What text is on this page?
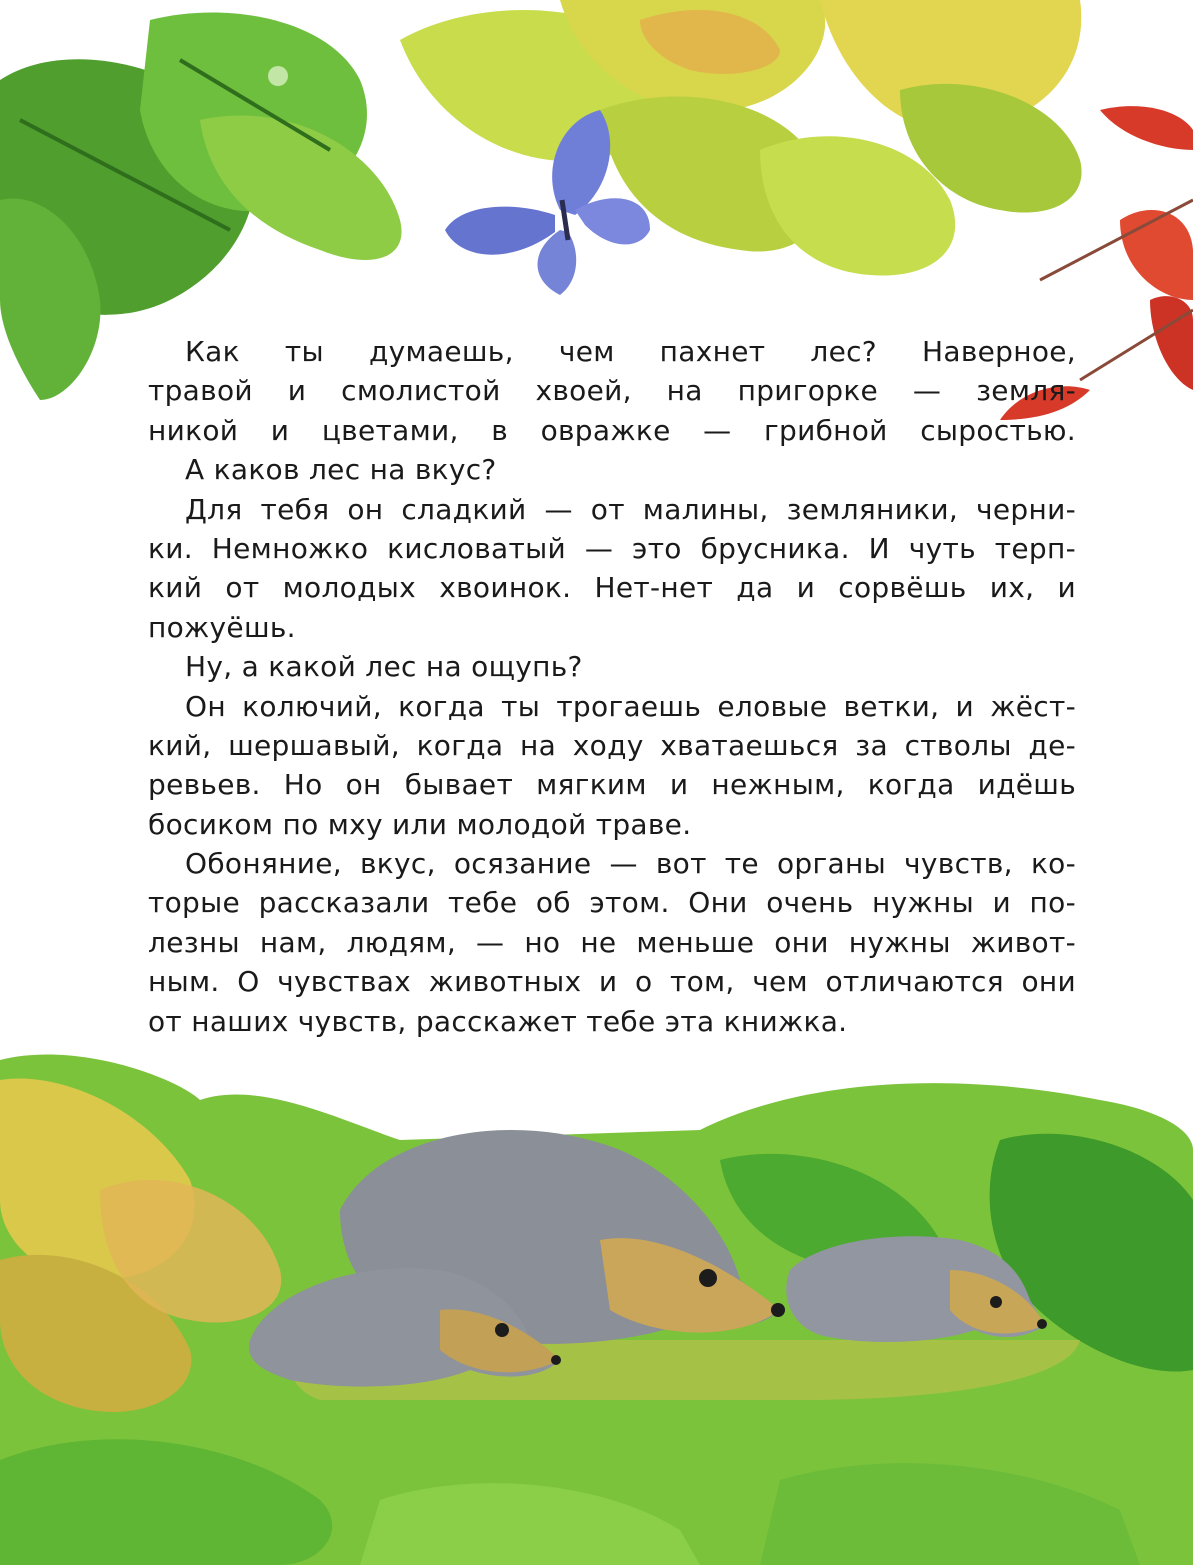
Как ты думаешь, чем пахнет лес? Наверное,
травой и смолистой хвоей, на пригорке — земля-
никой и цветами, в овражке — грибной сыростью.
А каков лес на вкус?
Для тебя он сладкий — от малины, земляники, черни-
ки. Немножко кисловатый — это брусника. И чуть терп-
кий от молодых хвоинок. Нет-нет да и сорвёшь их, и
пожуёшь.
Ну, а какой лес на ощупь?
Он колючий, когда ты трогаешь еловые ветки, и жёст-
кий, шершавый, когда на ходу хватаешься за стволы де-
ревьев. Но он бывает мягким и нежным, когда идёшь
босиком по мху или молодой траве.
Обоняние, вкус, осязание — вот те органы чувств, ко-
торые рассказали тебе об этом. Они очень нужны и по-
лезны нам, людям, — но не меньше они нужны живот-
ным. О чувствах животных и о том, чем отличаются они
от наших чувств, расскажет тебе эта книжка.
